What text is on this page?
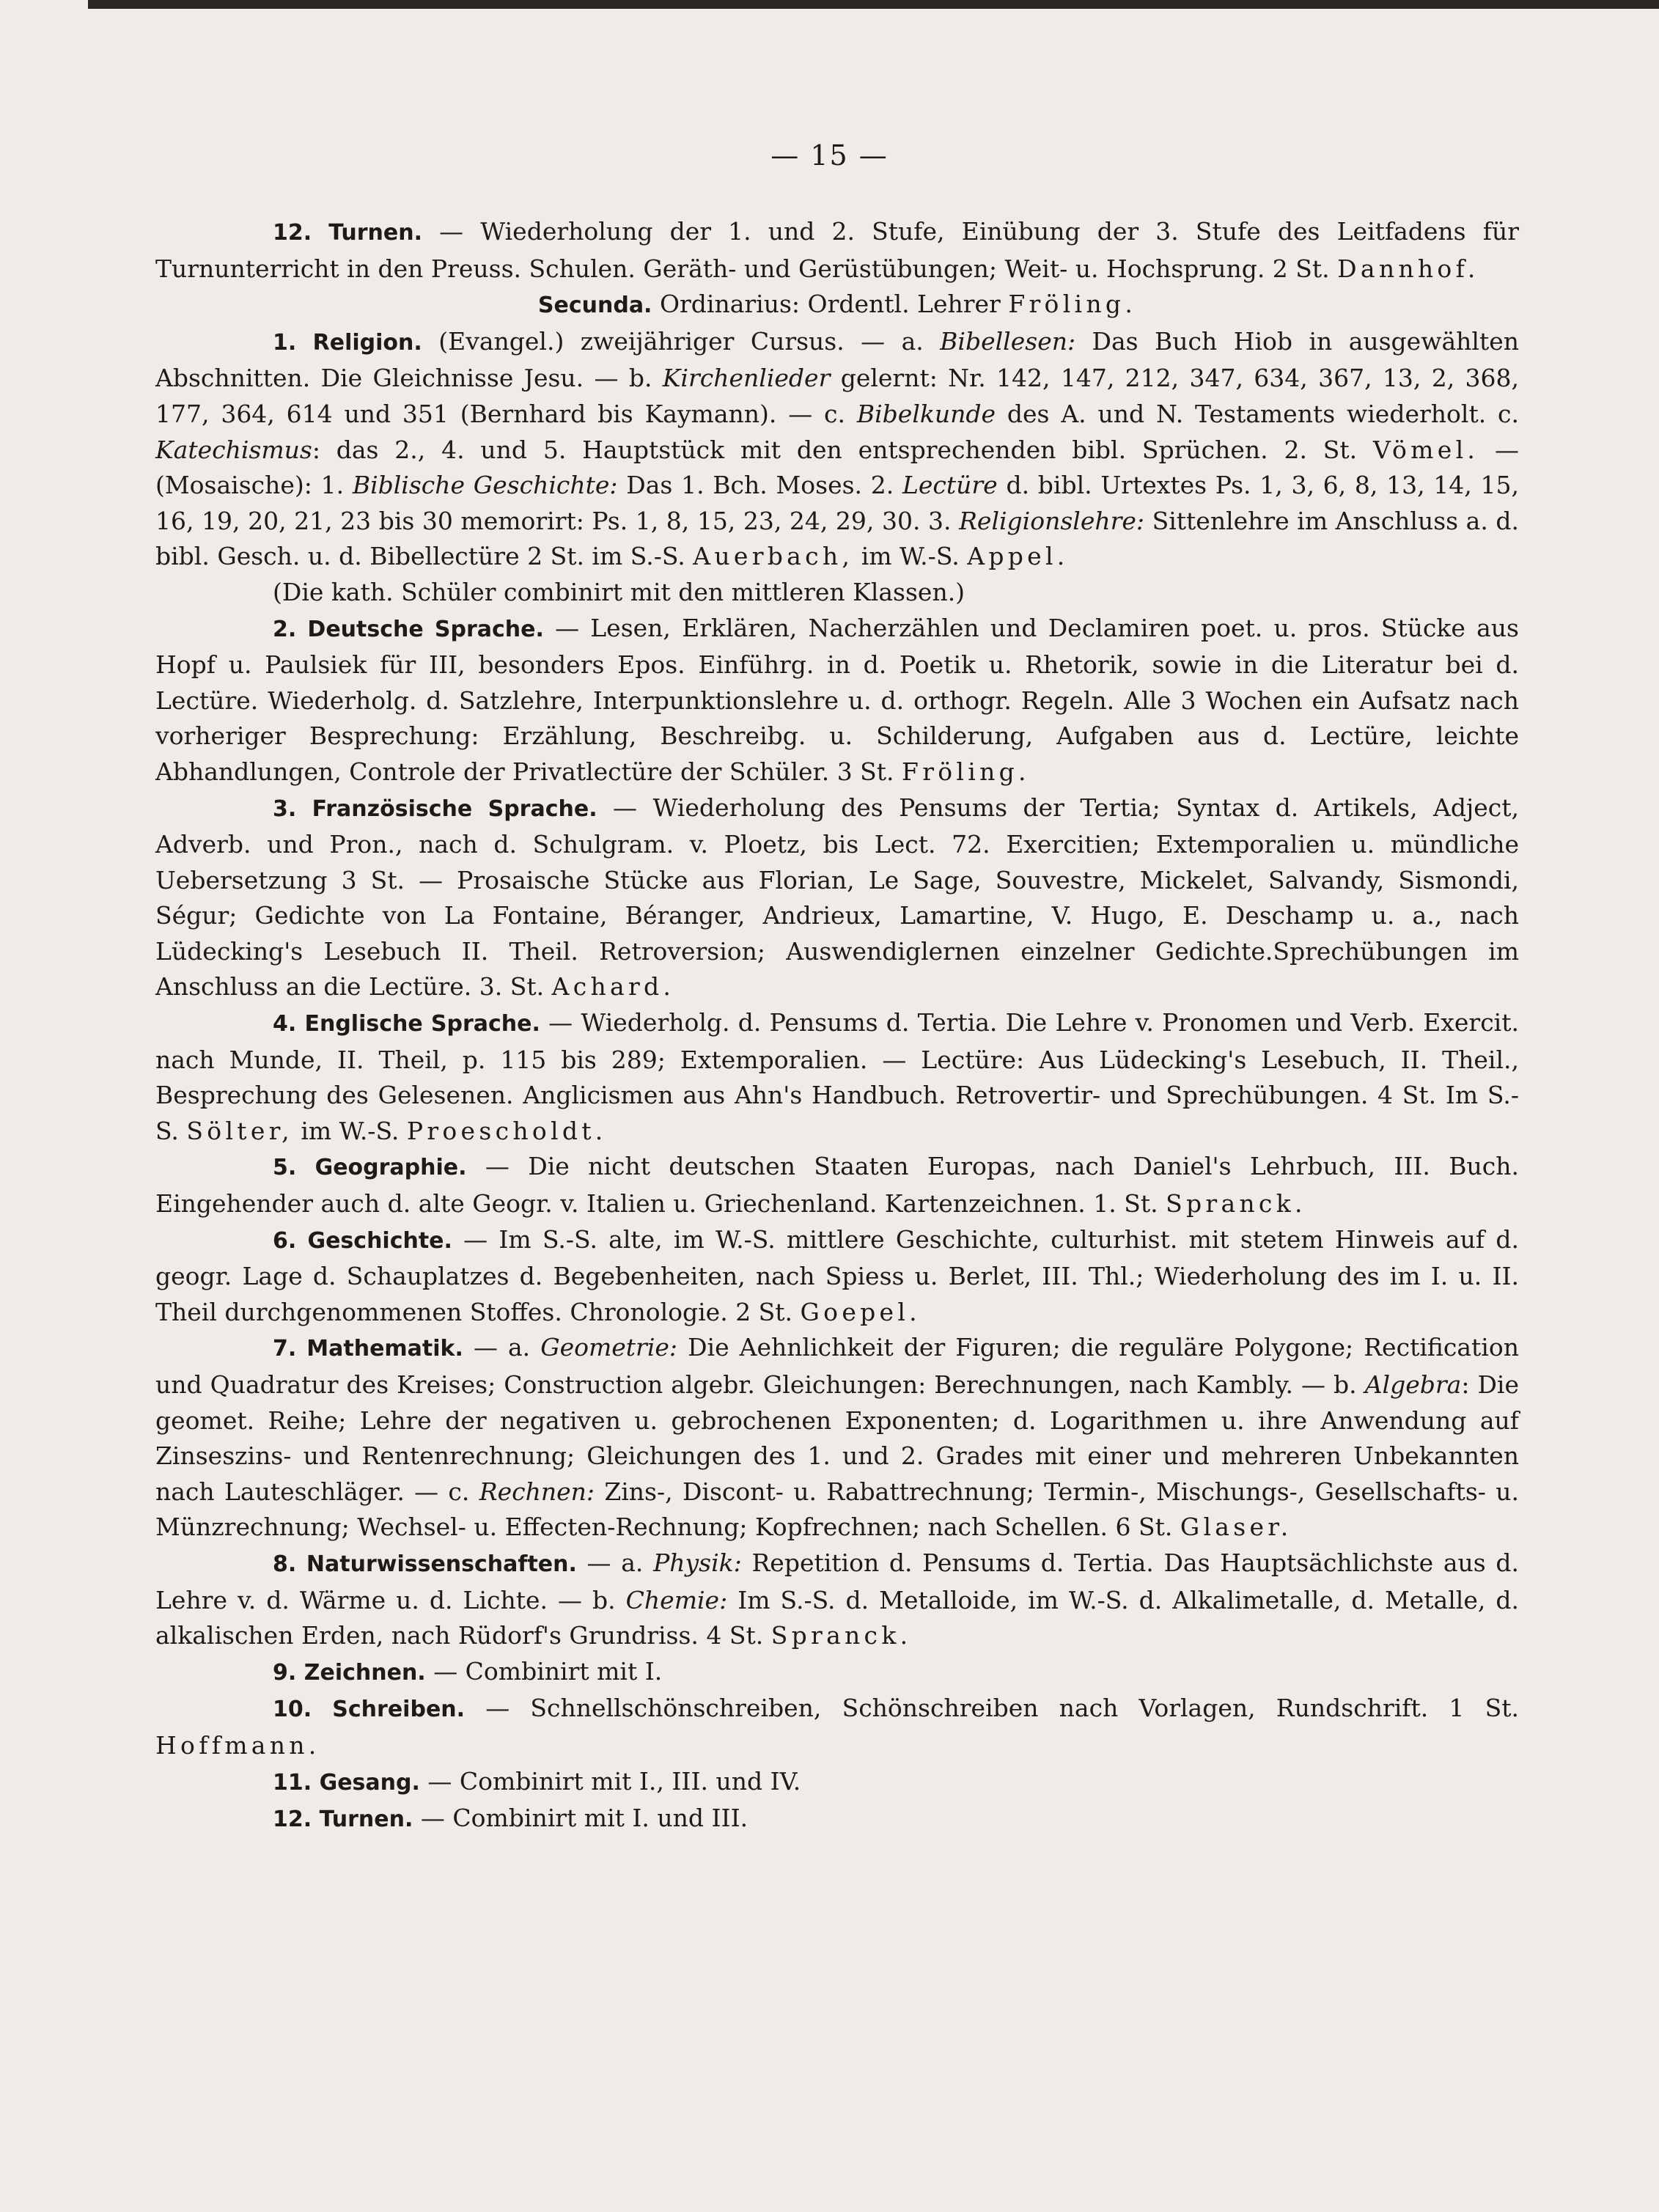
— 15 —

12. Turnen. — Wiederholung der 1. und 2. Stufe, Einübung der 3. Stufe des Leitfadens für Turnunterricht in den Preuss. Schulen. Geräth- und Gerüstübungen; Weit- u. Hochsprung. 2 St. Dannhof.

Secunda. Ordinarius: Ordentl. Lehrer Fröling.

1. Religion. (Evangel.) zweijähriger Cursus. — a. Bibellesen: Das Buch Hiob in ausgewählten Abschnitten. Die Gleichnisse Jesu. — b. Kirchenlieder gelernt: Nr. 142, 147, 212, 347, 634, 367, 13, 2, 368, 177, 364, 614 und 351 (Bernhard bis Kaymann). — c. Bibelkunde des A. und N. Testaments wiederholt. c. Katechismus: das 2., 4. und 5. Hauptstück mit den entsprechenden bibl. Sprüchen. 2. St. Vömel. — (Mosaische): 1. Biblische Geschichte: Das 1. Bch. Moses. 2. Lectüre d. bibl. Urtextes Ps. 1, 3, 6, 8, 13, 14, 15, 16, 19, 20, 21, 23 bis 30 memorirt: Ps. 1, 8, 15, 23, 24, 29, 30. 3. Religionslehre: Sittenlehre im Anschluss a. d. bibl. Gesch. u. d. Bibellectüre 2 St. im S.-S. Auerbach, im W.-S. Appel.

(Die kath. Schüler combinirt mit den mittleren Klassen.)

2. Deutsche Sprache. — Lesen, Erklären, Nacherzählen und Declamiren poet. u. pros. Stücke aus Hopf u. Paulsiek für III, besonders Epos. Einführg. in d. Poetik u. Rhetorik, sowie in die Literatur bei d. Lectüre. Wiederholg. d. Satzlehre, Interpunktionslehre u. d. orthogr. Regeln. Alle 3 Wochen ein Aufsatz nach vorheriger Besprechung: Erzählung, Beschreibg. u. Schilderung, Aufgaben aus d. Lectüre, leichte Abhandlungen, Controle der Privatlectüre der Schüler. 3 St. Fröling.

3. Französische Sprache. — Wiederholung des Pensums der Tertia; Syntax d. Artikels, Adject, Adverb. und Pron., nach d. Schulgram. v. Ploetz, bis Lect. 72. Exercitien; Extemporalien u. mündliche Uebersetzung 3 St. — Prosaische Stücke aus Florian, Le Sage, Souvestre, Mickelet, Salvandy, Sismondi, Ségur; Gedichte von La Fontaine, Béranger, Andrieux, Lamartine, V. Hugo, E. Deschamp u. a., nach Lüdecking's Lesebuch II. Theil. Retroversion; Auswendiglernen einzelner Gedichte.Sprechübungen im Anschluss an die Lectüre. 3. St. Achard.

4. Englische Sprache. — Wiederholg. d. Pensums d. Tertia. Die Lehre v. Pronomen und Verb. Exercit. nach Munde, II. Theil, p. 115 bis 289; Extemporalien. — Lectüre: Aus Lüdecking's Lesebuch, II. Theil., Besprechung des Gelesenen. Anglicismen aus Ahn's Handbuch. Retrovertir- und Sprechübungen. 4 St. Im S.-S. Sölter, im W.-S. Proescholdt.

5. Geographie. — Die nicht deutschen Staaten Europas, nach Daniel's Lehrbuch, III. Buch. Eingehender auch d. alte Geogr. v. Italien u. Griechenland. Kartenzeichnen. 1. St. Spranck.

6. Geschichte. — Im S.-S. alte, im W.-S. mittlere Geschichte, culturhist. mit stetem Hinweis auf d. geogr. Lage d. Schauplatzes d. Begebenheiten, nach Spiess u. Berlet, III. Thl.; Wiederholung des im I. u. II. Theil durchgenommenen Stoffes. Chronologie. 2 St. Goepel.

7. Mathematik. — a. Geometrie: Die Aehnlichkeit der Figuren; die reguläre Polygone; Rectification und Quadratur des Kreises; Construction algebr. Gleichungen: Berechnungen, nach Kambly. — b. Algebra: Die geomet. Reihe; Lehre der negativen u. gebrochenen Exponenten; d. Logarithmen u. ihre Anwendung auf Zinseszins- und Rentenrechnung; Gleichungen des 1. und 2. Grades mit einer und mehreren Unbekannten nach Lauteschläger. — c. Rechnen: Zins-, Discont- u. Rabattrechnung; Termin-, Mischungs-, Gesellschafts- u. Münzrechnung; Wechsel- u. Effecten-Rechnung; Kopfrechnen; nach Schellen. 6 St. Glaser.

8. Naturwissenschaften. — a. Physik: Repetition d. Pensums d. Tertia. Das Hauptsächlichste aus d. Lehre v. d. Wärme u. d. Lichte. — b. Chemie: Im S.-S. d. Metalloide, im W.-S. d. Alkalimetalle, d. Metalle, d. alkalischen Erden, nach Rüdorf's Grundriss. 4 St. Spranck.

9. Zeichnen. — Combinirt mit I.

10. Schreiben. — Schnellschönschreiben, Schönschreiben nach Vorlagen, Rundschrift. 1 St. Hoffmann.

11. Gesang. — Combinirt mit I., III. und IV.

12. Turnen. — Combinirt mit I. und III.
